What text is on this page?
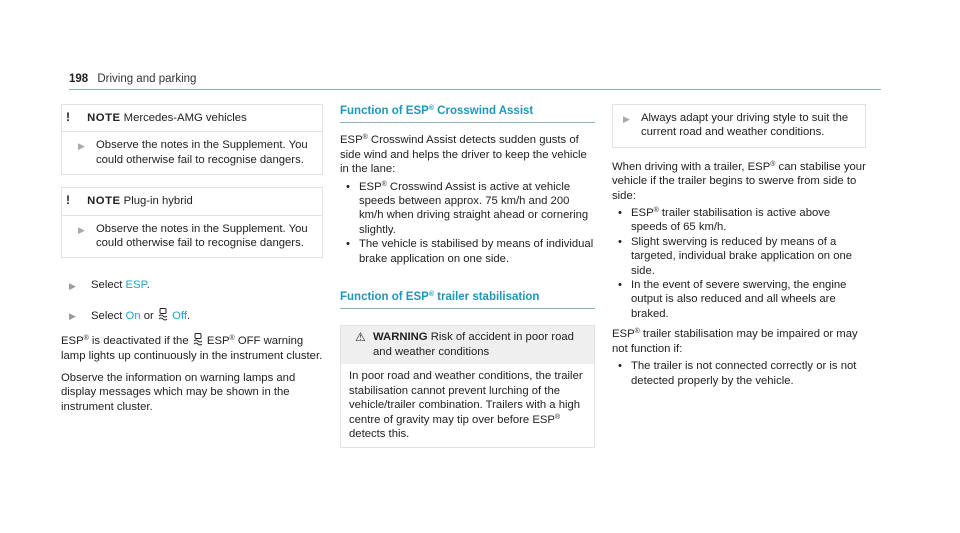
198 Driving and parking
! NOTE Mercedes-AMG vehicles
▶ Observe the notes in the Supplement. You could otherwise fail to recognise dangers.
! NOTE Plug-in hybrid
▶ Observe the notes in the Supplement. You could otherwise fail to recognise dangers.
▶	Select ESP.
▶	Select On or Off.
ESP® is deactivated if the  ESP® OFF warning lamp lights up continuously in the instrument cluster.
Observe the information on warning lamps and display messages which may be shown in the instrument cluster.
Function of ESP® Crosswind Assist
ESP® Crosswind Assist detects sudden gusts of side wind and helps the driver to keep the vehicle in the lane:
• ESP® Crosswind Assist is active at vehicle speeds between approx. 75 km/h and 200 km/h when driving straight ahead or cornering slightly.
• The vehicle is stabilised by means of individual brake application on one side.
Function of ESP® trailer stabilisation
⚠ WARNING Risk of accident in poor road and weather conditions
In poor road and weather conditions, the trailer stabilisation cannot prevent lurching of the vehicle/trailer combination. Trailers with a high centre of gravity may tip over before ESP® detects this.
▶ Always adapt your driving style to suit the current road and weather conditions.
When driving with a trailer, ESP® can stabilise your vehicle if the trailer begins to swerve from side to side:
• ESP® trailer stabilisation is active above speeds of 65 km/h.
• Slight swerving is reduced by means of a targeted, individual brake application on one side.
• In the event of severe swerving, the engine output is also reduced and all wheels are braked.
ESP® trailer stabilisation may be impaired or may not function if:
• The trailer is not connected correctly or is not detected properly by the vehicle.
